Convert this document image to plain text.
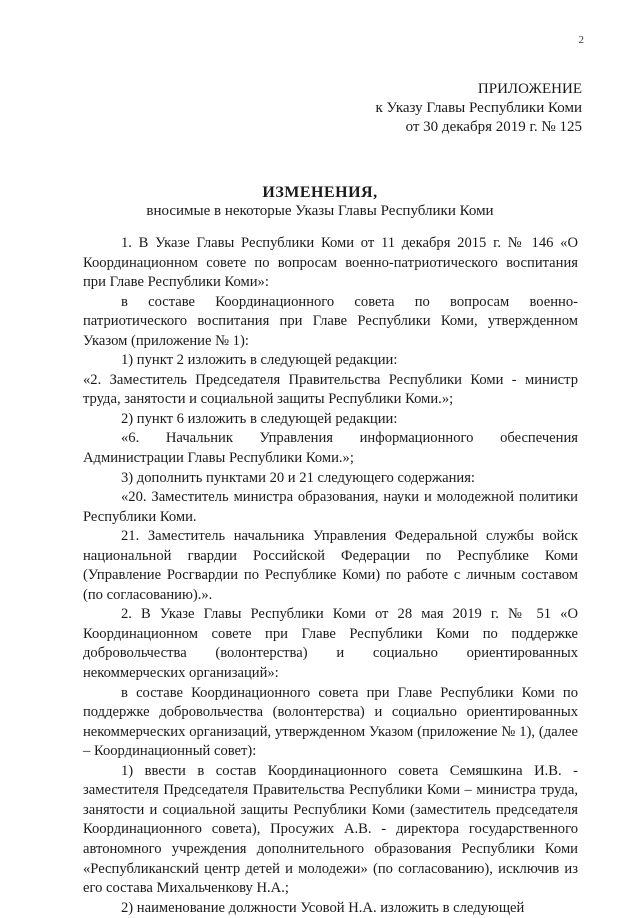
2
ПРИЛОЖЕНИЕ
к Указу Главы Республики Коми
от 30 декабря 2019 г. № 125
ИЗМЕНЕНИЯ,
вносимые в некоторые Указы Главы Республики Коми

1. В Указе Главы Республики Коми от 11 декабря 2015 г. № 146 «О Координационном совете по вопросам военно-патриотического воспитания при Главе Республики Коми»:

в составе Координационного совета по вопросам военно-патриотического воспитания при Главе Республики Коми, утвержденном Указом (приложение № 1):

1) пункт 2 изложить в следующей редакции:

«2. Заместитель Председателя Правительства Республики Коми - министр труда, занятости и социальной защиты Республики Коми.»;

2) пункт 6 изложить в следующей редакции:

«6. Начальник Управления информационного обеспечения Администрации Главы Республики Коми.»;

3) дополнить пунктами 20 и 21 следующего содержания:

«20. Заместитель министра образования, науки и молодежной политики Республики Коми.

21. Заместитель начальника Управления Федеральной службы войск национальной гвардии Российской Федерации по Республике Коми (Управление Росгвардии по Республике Коми) по работе с личным составом (по согласованию).».

2. В Указе Главы Республики Коми от 28 мая 2019 г. № 51 «О Координационном совете при Главе Республики Коми по поддержке добровольчества (волонтерства) и социально ориентированных некоммерческих организаций»:

в составе Координационного совета при Главе Республики Коми по поддержке добровольчества (волонтерства) и социально ориентированных некоммерческих организаций, утвержденном Указом (приложение № 1), (далее – Координационный совет):

1) ввести в состав Координационного совета Семяшкина И.В. - заместителя Председателя Правительства Республики Коми – министра труда, занятости и социальной защиты Республики Коми (заместитель председателя Координационного совета), Просужих А.В. - директора государственного автономного учреждения дополнительного образования Республики Коми «Республиканский центр детей и молодежи» (по согласованию), исключив из его состава Михальченкову Н.А.;

2) наименование должности Усовой Н.А. изложить в следующей
